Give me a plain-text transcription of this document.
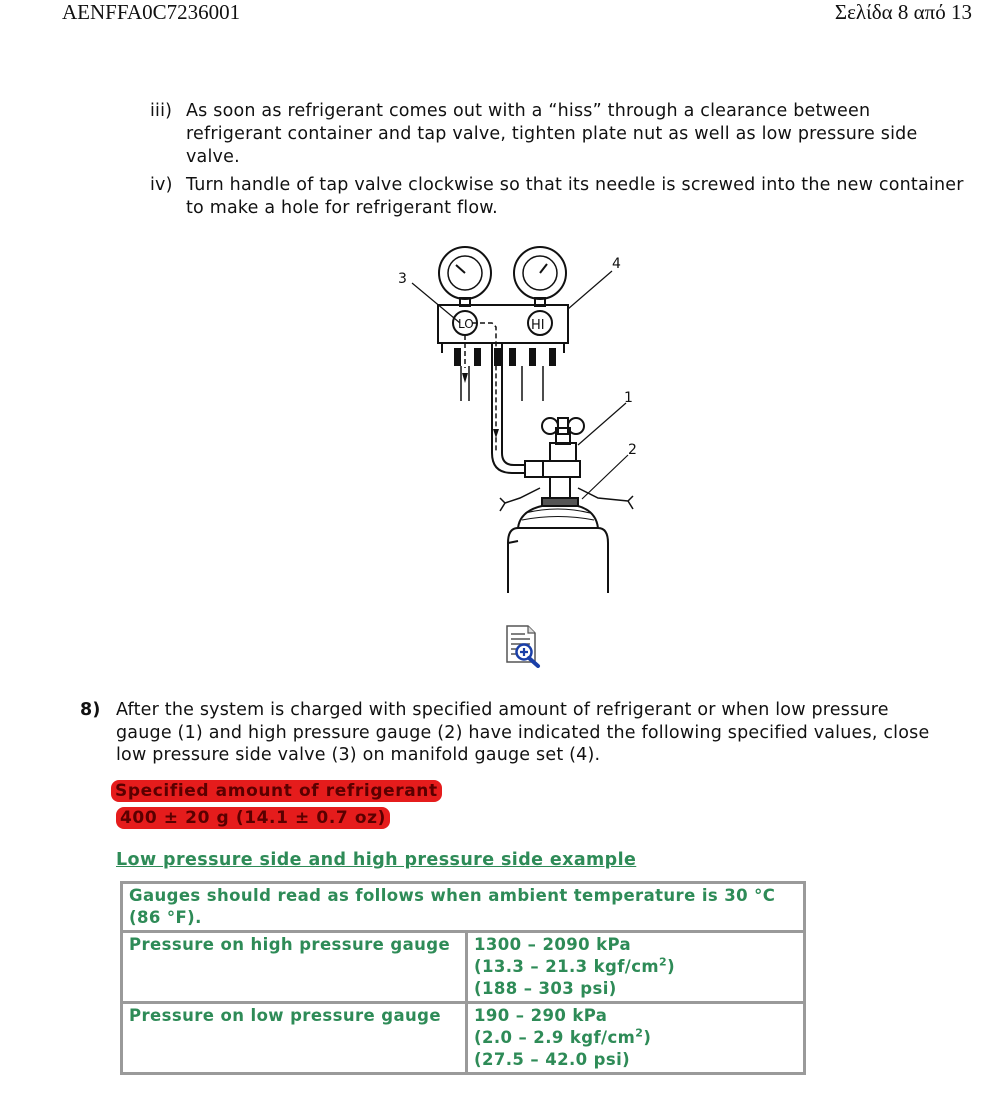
AENFFA0C7236001	Σελίδα 8 από 13
iii) As soon as refrigerant comes out with a “hiss” through a clearance between refrigerant container and tap valve, tighten plate nut as well as low pressure side valve.
iv) Turn handle of tap valve clockwise so that its needle is screwed into the new container to make a hole for refrigerant flow.
LO	HI
3
4
1
2
8) After the system is charged with specified amount of refrigerant or when low pressure gauge (1) and high pressure gauge (2) have indicated the following specified values, close low pressure side valve (3) on manifold gauge set (4).
Specified amount of refrigerant
400 ± 20 g (14.1 ± 0.7 oz)
Low pressure side and high pressure side example
Gauges should read as follows when ambient temperature is 30 °C (86 °F).	
Pressure on high pressure gauge	1300 – 2090 kPa
(13.3 – 21.3 kgf/$cm^2$)
(188 – 303 psi)

Pressure on low pressure gauge	190 – 290 kPa
(2.0 – 2.9 kgf/$cm^2$)
(27.5 – 42.0 psi)
